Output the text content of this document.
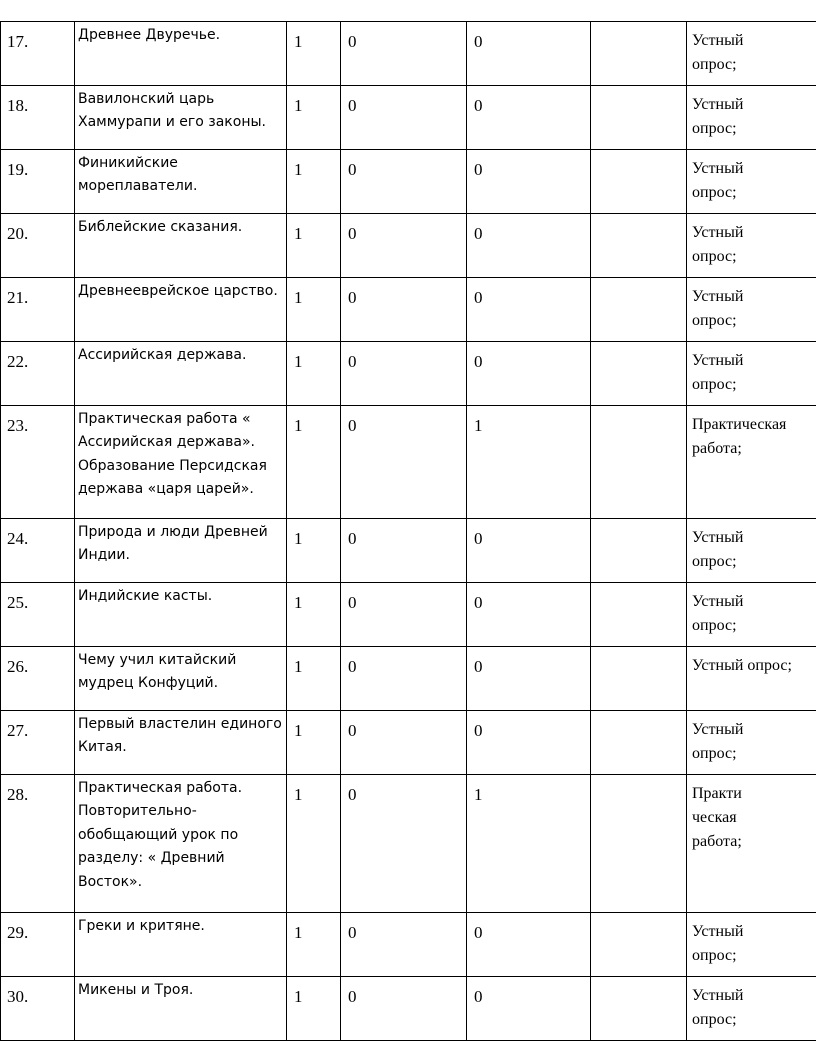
17.	Древнее Двуречье.	1	0	0		Устный опрос;

18.	Вавилонский царь Хаммурапи и его законы.	1	0	0		Устный опрос;

19.	Финикийские мореплаватели.	1	0	0		Устный опрос;

20.	Библейские сказания.	1	0	0		Устный опрос;

21.	Древнееврейское царство.	1	0	0		Устный опрос;

22.	Ассирийская держава.	1	0	0		Устный опрос;

23.	Практическая работа « Ассирийская держава». Образование Персидская держава «царя царей».	1	0	1		Практическая работа;

24.	Природа и люди Древней Индии.	1	0	0		Устный опрос;

25.	Индийские касты.	1	0	0		Устный опрос;

26.	Чему учил китайский мудрец Конфуций.	1	0	0		Устный опрос;

27.	Первый властелин единого Китая.	1	0	0		Устный опрос;

28.	Практическая работа. Повторительно-обобщающий урок по разделу: « Древний Восток».	1	0	1		Практи ческая работа;

29.	Греки и критяне.	1	0	0		Устный опрос;

30.	Микены и Троя.	1	0	0		Устный опрос;
